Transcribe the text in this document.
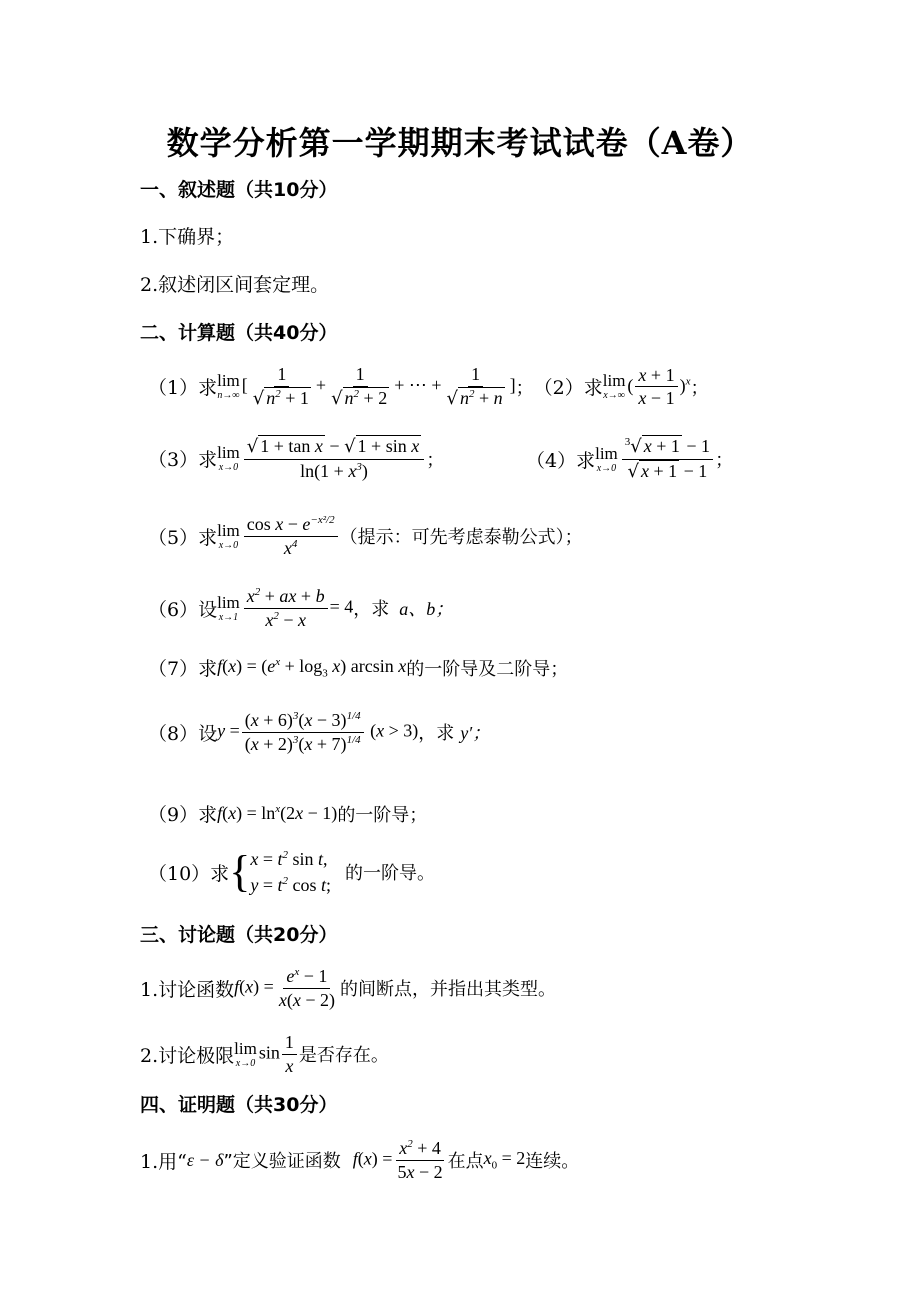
数学分析第一学期期末考试试卷（A卷）
一、叙述题（共10分）
1.下确界；
2.叙述闭区间套定理。
二、计算题（共40分）
（1）求 lim
n→∞
[ $\frac{1}{√ n^2 + 1} + \frac{1}{√ n^2 + 2}$ + ⋯ + $\frac{1}{√ n^2 + n}$ ] ； （2）求 lim
x→∞
( $\frac{x + 1}{x - 1} )^x$ ；
（3）求 lim
$x\to 0 \frac{\text{√ 1 + tan x − √ 1 + sin x}}{\ln(1 + x^3)}$ ；	（4）求 lim
$x\to 0 \frac{^3√ x + 1 - 1}{√ x + 1 - 1}$ ；
（5）求 lim
$x\to 0 \frac{\cos x - e^{-x^2/2}}{x^4}$ （提示：可先考虑泰勒公式）；
（6）设 lim
$x\to 1 \frac{x^2 + ax + b}{x^2 - x} = 4$ ，求 a、b；
（7）求 $f(x) = (e^x + \log_3 x)$ arcsin x 的一阶导及二阶导；
（8）设 $y = \frac{(x + 6)^3(x - 3)^{1/4}}{(x + 2)^3(x + 7)^{1/4}} (x > 3)$ ，求 y′；
（9）求 $f(x) = \ln^x(2x - 1)$ 的一阶导；
（10）求 { $x = t^2$ sin t,
$y = t^2$ cos t;
的一阶导。
三、讨论题（共20分）
1.讨论函数 $f(x) = \frac{e^x - 1}{x(x - 2)}$ 的间断点，并指出其类型。
2.讨论极限 lim
x→0
$\sin \frac{1}{x}$ 是否存在。
四、证明题（共30分）
1.用“ ε − δ ”定义验证函数 $f(x) = \frac{x^2 + 4}{5x - 2}$ 在点 $x_0 = 2$ 连续。
